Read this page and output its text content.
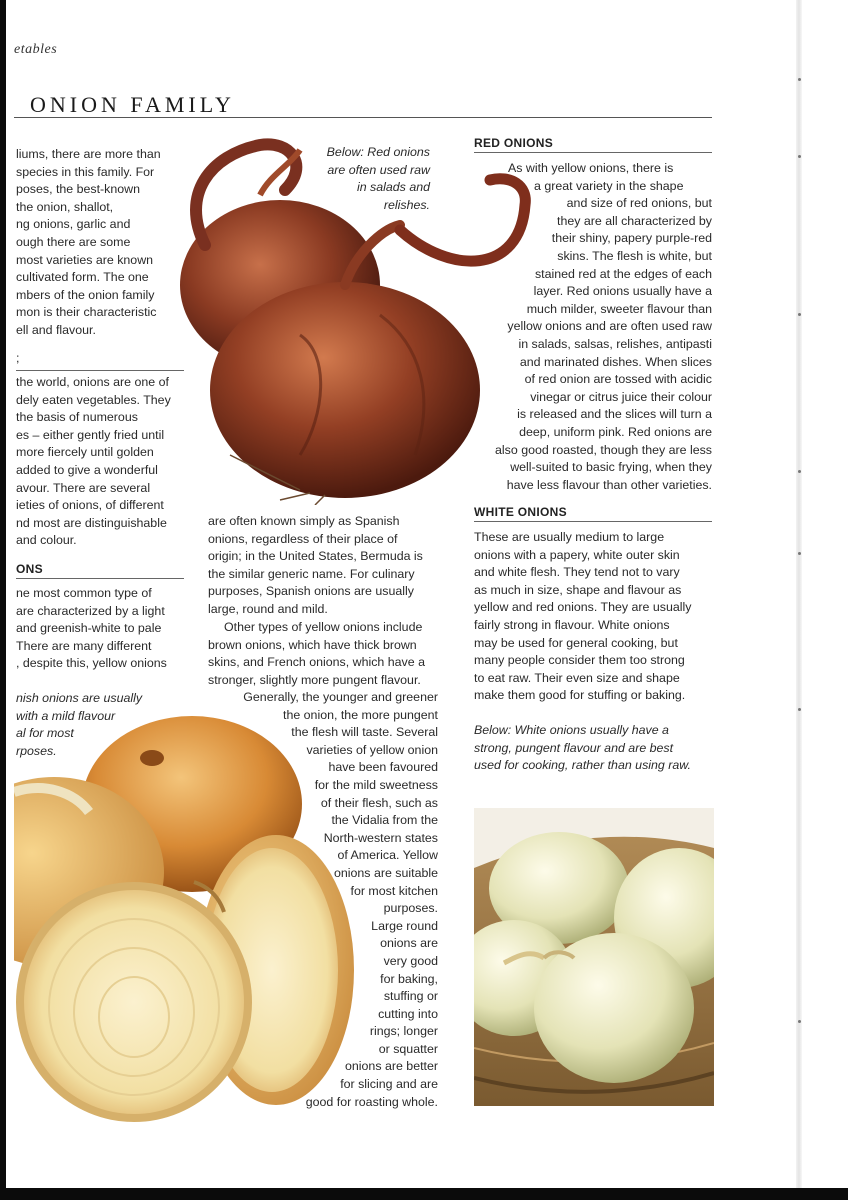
etables
ONION FAMILY
liums, there are more than
species in this family. For
poses, the best-known
the onion, shallot,
ng onions, garlic and
ough there are some
most varieties are known
cultivated form. The one
mbers of the onion family
mon is their characteristic
ell and flavour.
;
the world, onions are one of
dely eaten vegetables. They
the basis of numerous
es – either gently fried until
more fiercely until golden
added to give a wonderful
avour. There are several
ieties of onions, of different
nd most are distinguishable
and colour.
ONS
ne most common type of
are characterized by a light
and greenish-white to pale
There are many different
, despite this, yellow onions
nish onions are usually
with a mild flavour
al for most
rposes.
Below: Red onions
are often used raw
in salads and
relishes.
are often known simply as Spanish
onions, regardless of their place of
origin; in the United States, Bermuda is
the similar generic name. For culinary
purposes, Spanish onions are usually
large, round and mild.
Other types of yellow onions include
brown onions, which have thick brown
skins, and French onions, which have a
stronger, slightly more pungent flavour.
Generally, the younger and greener
the onion, the more pungent
the flesh will taste. Several
varieties of yellow onion
have been favoured
for the mild sweetness
of their flesh, such as
the Vidalia from the
North-western states
of America. Yellow
onions are suitable
for most kitchen
purposes.
Large round
onions are
very good
for baking,
stuffing or
cutting into
rings; longer
or squatter
onions are better
for slicing and are
good for roasting whole.
RED ONIONS
As with yellow onions, there is
a great variety in the shape
and size of red onions, but
they are all characterized by
their shiny, papery purple-red
skins. The flesh is white, but
stained red at the edges of each
layer. Red onions usually have a
much milder, sweeter flavour than
yellow onions and are often used raw
in salads, salsas, relishes, antipasti
and marinated dishes. When slices
of red onion are tossed with acidic
vinegar or citrus juice their colour
is released and the slices will turn a
deep, uniform pink. Red onions are
also good roasted, though they are less
well-suited to basic frying, when they
have less flavour than other varieties.
WHITE ONIONS
These are usually medium to large
onions with a papery, white outer skin
and white flesh. They tend not to vary
as much in size, shape and flavour as
yellow and red onions. They are usually
fairly strong in flavour. White onions
may be used for general cooking, but
many people consider them too strong
to eat raw. Their even size and shape
make them good for stuffing or baking.
Below: White onions usually have a
strong, pungent flavour and are best
used for cooking, rather than using raw.
